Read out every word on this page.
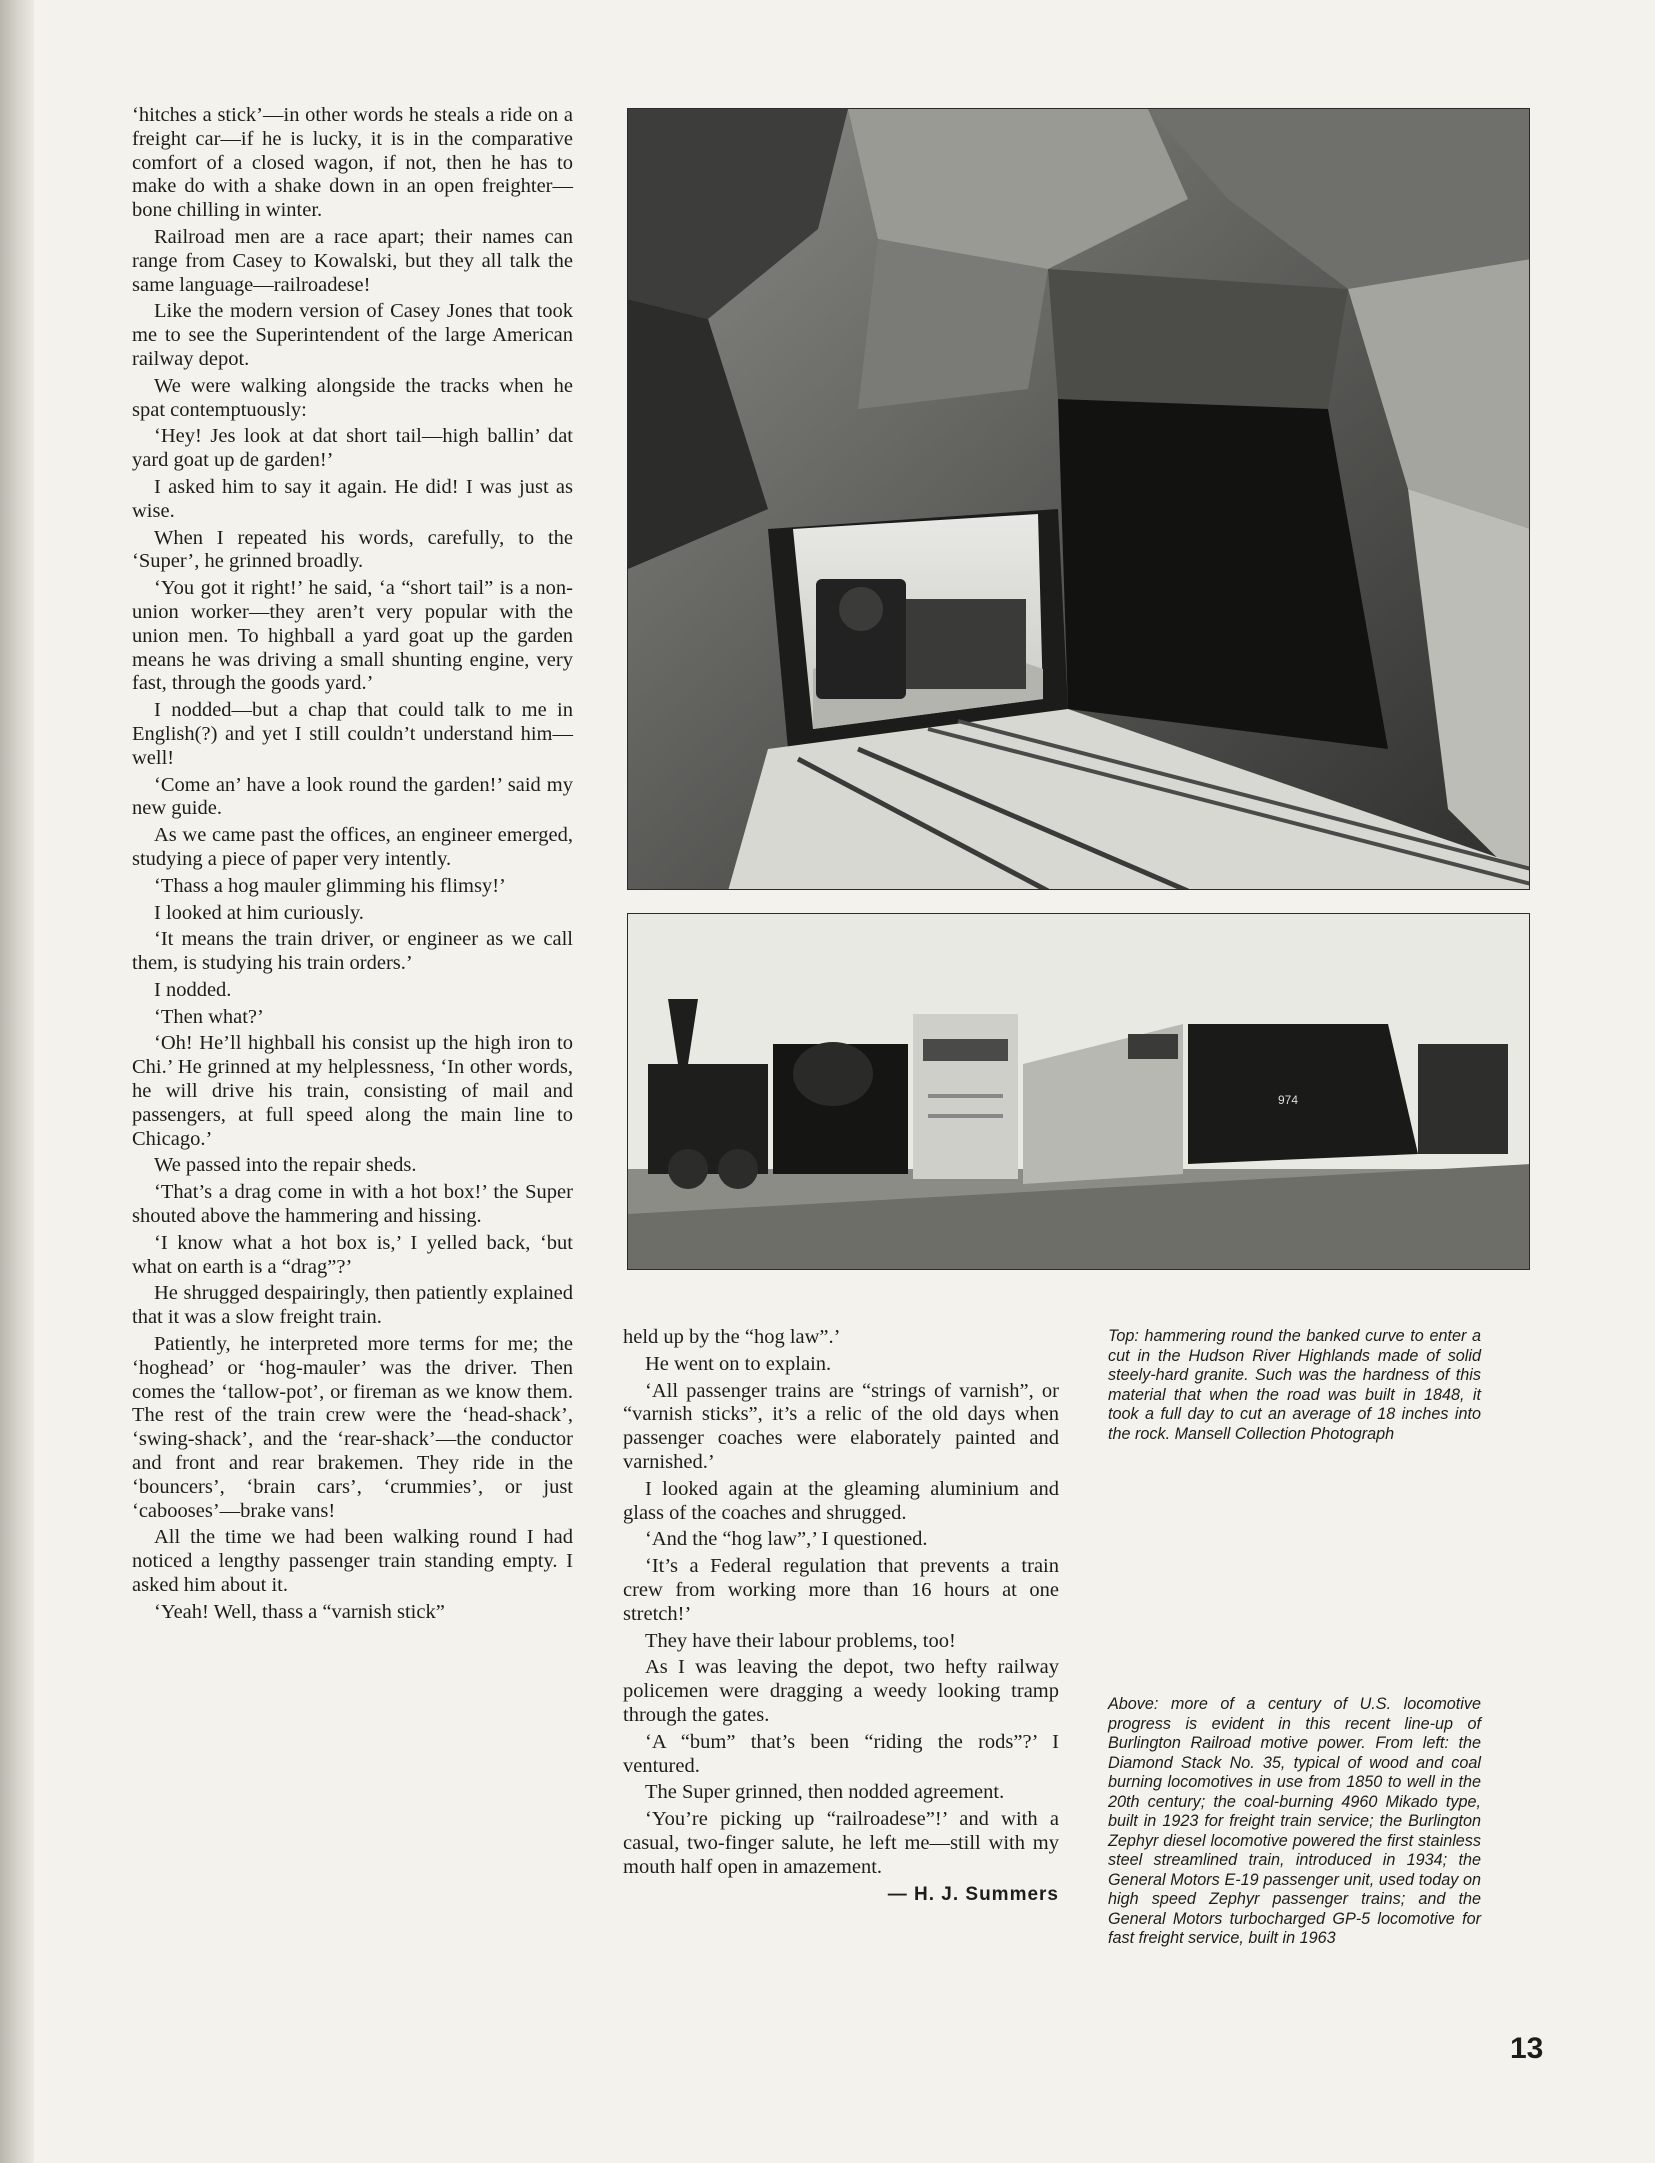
‘hitches a stick’—in other words he steals a ride on a freight car—if he is lucky, it is in the comparative comfort of a closed wagon, if not, then he has to make do with a shake down in an open freighter—bone chilling in winter.

Railroad men are a race apart; their names can range from Casey to Kowalski, but they all talk the same language—railroadese!

Like the modern version of Casey Jones that took me to see the Superintendent of the large American railway depot.

We were walking alongside the tracks when he spat contemptuously:

‘Hey! Jes look at dat short tail—high ballin’ dat yard goat up de garden!’

I asked him to say it again. He did! I was just as wise.

When I repeated his words, carefully, to the ‘Super’, he grinned broadly.

‘You got it right!’ he said, ‘a “short tail” is a non-union worker—they aren’t very popular with the union men. To highball a yard goat up the garden means he was driving a small shunting engine, very fast, through the goods yard.’

I nodded—but a chap that could talk to me in English(?) and yet I still couldn’t understand him—well!

‘Come an’ have a look round the garden!’ said my new guide.

As we came past the offices, an engineer emerged, studying a piece of paper very intently.

‘Thass a hog mauler glimming his flimsy!’

I looked at him curiously.

‘It means the train driver, or engineer as we call them, is studying his train orders.’

I nodded.

‘Then what?’

‘Oh! He’ll highball his consist up the high iron to Chi.’ He grinned at my helplessness, ‘In other words, he will drive his train, consisting of mail and passengers, at full speed along the main line to Chicago.’

We passed into the repair sheds.

‘That’s a drag come in with a hot box!’ the Super shouted above the hammering and hissing.

‘I know what a hot box is,’ I yelled back, ‘but what on earth is a “drag”?’

He shrugged despairingly, then patiently explained that it was a slow freight train.

Patiently, he interpreted more terms for me; the ‘hoghead’ or ‘hog-mauler’ was the driver. Then comes the ‘tallow-pot’, or fireman as we know them. The rest of the train crew were the ‘head-shack’, ‘swing-shack’, and the ‘rear-shack’—the conductor and front and rear brakemen. They ride in the ‘bouncers’, ‘brain cars’, ‘crummies’, or just ‘cabooses’—brake vans!

All the time we had been walking round I had noticed a lengthy passenger train standing empty. I asked him about it.

‘Yeah! Well, thass a “varnish stick”

974

held up by the “hog law”.’

He went on to explain.

‘All passenger trains are “strings of varnish”, or “varnish sticks”, it’s a relic of the old days when passenger coaches were elaborately painted and varnished.’

I looked again at the gleaming aluminium and glass of the coaches and shrugged.

‘And the “hog law”,’ I questioned.

‘It’s a Federal regulation that prevents a train crew from working more than 16 hours at one stretch!’

They have their labour problems, too!

As I was leaving the depot, two hefty railway policemen were dragging a weedy looking tramp through the gates.

‘A “bum” that’s been “riding the rods”?’ I ventured.

The Super grinned, then nodded agreement.

‘You’re picking up “railroadese”!’ and with a casual, two-finger salute, he left me—still with my mouth half open in amazement.

— H. J. Summers
Top: hammering round the banked curve to enter a cut in the Hudson River Highlands made of solid steely-hard granite. Such was the hardness of this material that when the road was built in 1848, it took a full day to cut an average of 18 inches into the rock. Mansell Collection Photograph
Above: more of a century of U.S. locomotive progress is evident in this recent line-up of Burlington Railroad motive power. From left: the Diamond Stack No. 35, typical of wood and coal burning locomotives in use from 1850 to well in the 20th century; the coal-burning 4960 Mikado type, built in 1923 for freight train service; the Burlington Zephyr diesel locomotive powered the first stainless steel streamlined train, introduced in 1934; the General Motors E-19 passenger unit, used today on high speed Zephyr passenger trains; and the General Motors turbocharged GP-5 locomotive for fast freight service, built in 1963
13
